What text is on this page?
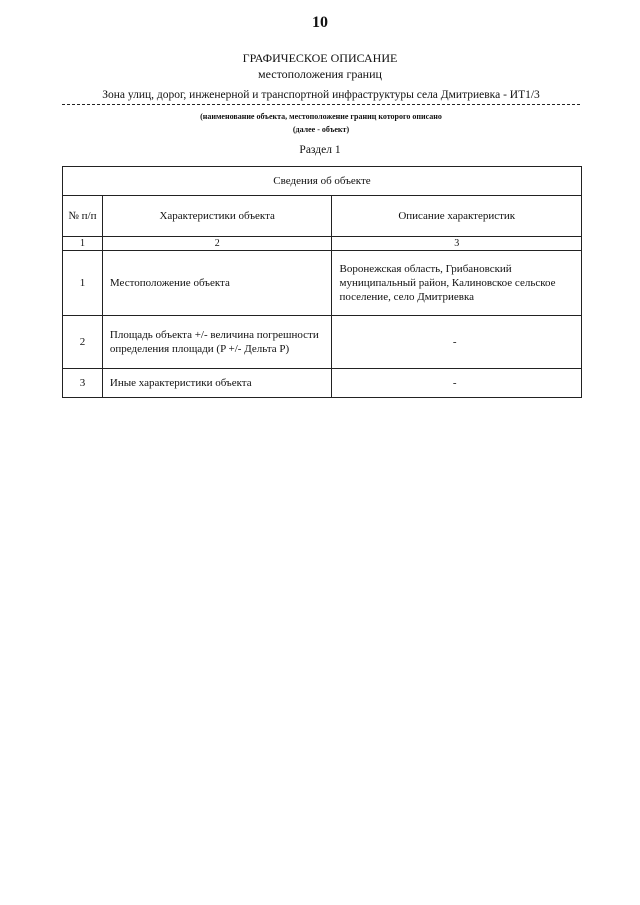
10
ГРАФИЧЕСКОЕ ОПИСАНИЕ
местоположения границ
Зона улиц, дорог, инженерной и транспортной инфраструктуры села Дмитриевка - ИТ1/3
(наименование объекта, местоположение границ которого описано
(далее - объект)
Раздел 1
Сведения об объекте		
№ п/п	Характеристики объекта	Описание характеристик
1	2	3
1	Местоположение объекта	Воронежская область, Грибановский муниципальный район, Калиновское сельское поселение, село Дмитриевка
2	Площадь объекта +/- величина погрешности определения площади (P +/- Дельта P)	-
3	Иные характеристики объекта	-
